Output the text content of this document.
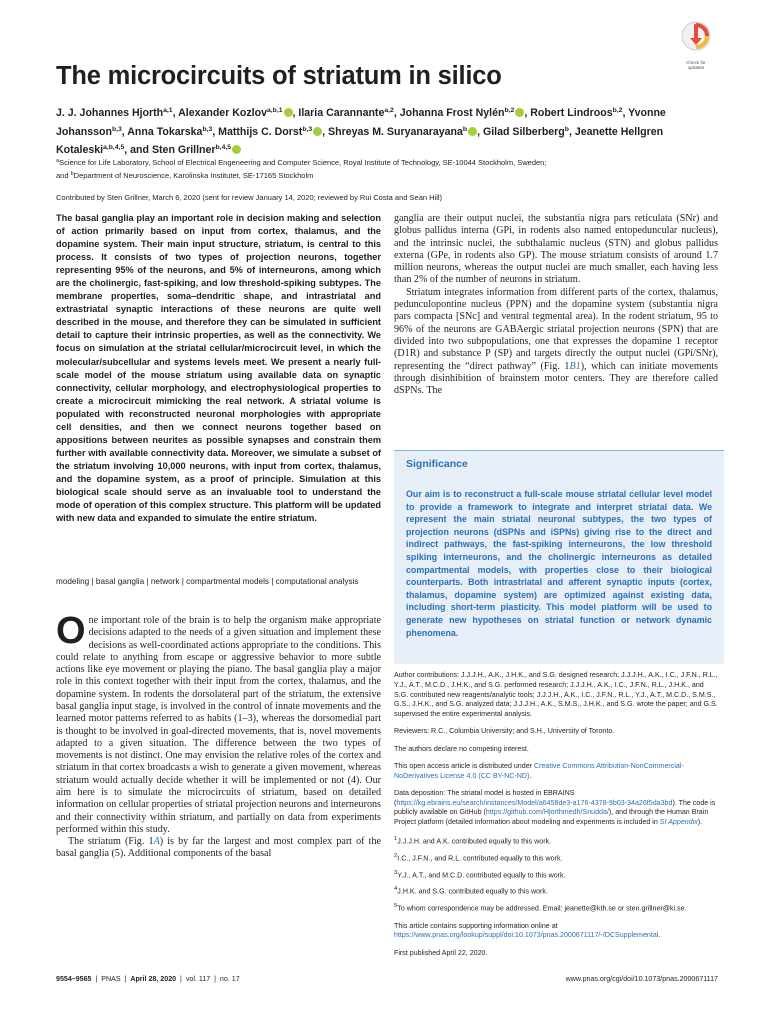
Check for
updates
The microcircuits of striatum in silico
J. J. Johannes Hjorth$^{a,1}$, Alexander Kozlov$^{a,b,1}$ , Ilaria Carannante$^{a,2}$, Johanna Frost Nylén$^{b,2}$ , Robert Lindroos$^{b,2}$, Yvonne Johansson$^{b,3}$, Anna Tokarska$^{b,3}$, Matthijs C. Dorst$^{b,3}$ , Shreyas M. Suryanarayana$^b$ , Gilad Silberberg$^b$, Jeanette Hellgren Kotaleski$^{a,b,4,5}$, and Sten Grillner$^{b,4,5}$
$^a$Science for Life Laboratory, School of Electrical Engeneering and Computer Science, Royal Institute of Technology, SE-10044 Stockholm, Sweden;
and $^b$Department of Neuroscience, Karolinska Institutet, SE-17165 Stockholm
Contributed by Sten Grillner, March 6, 2020 (sent for review January 14, 2020; reviewed by Rui Costa and Sean Hill)
The basal ganglia play an important role in decision making and selection of action primarily based on input from cortex, thalamus, and the dopamine system. Their main input structure, striatum, is central to this process. It consists of two types of projection neurons, together representing 95% of the neurons, and 5% of interneurons, among which are the cholinergic, fast-spiking, and low threshold-spiking subtypes. The membrane properties, soma–dendritic shape, and intrastriatal and extrastriatal synaptic interactions of these neurons are quite well described in the mouse, and therefore they can be simulated in sufficient detail to capture their intrinsic properties, as well as the connectivity. We focus on simulation at the striatal cellular/microcircuit level, in which the molecular/subcellular and systems levels meet. We present a nearly full-scale model of the mouse striatum using available data on synaptic connectivity, cellular morphology, and electrophysiological properties to create a microcircuit mimicking the real network. A striatal volume is populated with reconstructed neuronal morphologies with appropriate cell densities, and then we connect neurons together based on appositions between neurites as possible synapses and constrain them further with available connectivity data. Moreover, we simulate a subset of the striatum involving 10,000 neurons, with input from cortex, thalamus, and the dopamine system, as a proof of principle. Simulation at this biological scale should serve as an invaluable tool to understand the mode of operation of this complex structure. This platform will be updated with new data and expanded to simulate the entire striatum.
modeling | basal ganglia | network | compartmental models | computational analysis

One important role of the brain is to help the organism make appropriate decisions adapted to the needs of a given situation and implement these decisions as well-coordinated actions appropriate to the conditions. This could relate to anything from escape or aggressive behavior to more subtle actions like eye movement or playing the piano. The basal ganglia play a major role in this context together with their input from the cortex, thalamus, and the dopamine system. In rodents the dorsolateral part of the striatum, the extensive basal ganglia input stage, is involved in the control of innate movements and the learned motor patterns referred to as habits (1–3), whereas the dorsomedial part is thought to be involved in goal-directed movements, that is, novel movements adapted to a given situation. The difference between the two types of movements is not distinct. One may envision the relative roles of the cortex and striatum in that cortex broadcasts a wish to generate a given movement, whereas striatum would actually decide whether it will be implemented or not (4). Our aim here is to simulate the microcircuits of striatum, based on detailed information on cellular properties of striatal projection neurons and interneurons and their connectivity within striatum, and partially on data from experiments performed within this study.

The striatum (Fig. 1A) is by far the largest and most complex part of the basal ganglia (5). Additional components of the basal

ganglia are their output nuclei, the substantia nigra pars reticulata (SNr) and globus pallidus interna (GPi, in rodents also named entopeduncular nucleus), and the intrinsic nuclei, the subthalamic nucleus (STN) and globus pallidus externa (GPe, in rodents also GP). The mouse striatum consists of around 1.7 million neurons, whereas the output nuclei are much smaller, each having less than 2% of the number of neurons in striatum.

Striatum integrates information from different parts of the cortex, thalamus, pedunculopontine nucleus (PPN) and the dopamine system (substantia nigra pars compacta [SNc] and ventral tegmental area). In the rodent striatum, 95 to 96% of the neurons are GABAergic striatal projection neurons (SPN) that are divided into two subpopulations, one that expresses the dopamine 1 receptor (D1R) and substance P (SP) and targets directly the output nuclei (GPi/SNr), representing the “direct pathway” (Fig. 1B1), which can initiate movements through disinhibition of brainstem motor centers. They are therefore called dSPNs. The

Significance
Our aim is to reconstruct a full-scale mouse striatal cellular level model to provide a framework to integrate and interpret striatal data. We represent the main striatal neuronal subtypes, the two types of projection neurons (dSPNs and iSPNs) giving rise to the direct and indirect pathways, the fast-spiking interneurons, the low threshold spiking interneurons, and the cholinergic interneurons as detailed compartmental models, with properties close to their biological counterparts. Both intrastriatal and afferent synaptic inputs (cortex, thalamus, dopamine system) are optimized against existing data, including short-term plasticity. This model platform will be used to generate new hypotheses on striatal function or network dynamic phenomena.
Author contributions: J.J.J.H., A.K., J.H.K., and S.G. designed research; J.J.J.H., A.K., I.C., J.F.N., R.L., Y.J., A.T., M.C.D., J.H.K., and S.G. performed research; J.J.J.H., A.K., I.C., J.F.N., R.L., J.H.K., and S.G. contributed new reagents/analytic tools; J.J.J.H., A.K., I.C., J.F.N., R.L., Y.J., A.T., M.C.D., S.M.S., G.S., J.H.K., and S.G. analyzed data; J.J.J.H., A.K., S.M.S., J.H.K., and S.G. wrote the paper; and G.S. supervised the entire experimental analysis.
Reviewers: R.C., Columbia University; and S.H., University of Toronto.
The authors declare no competing interest.
This open access article is distributed under Creative Commons Attribution-NonCommercial-NoDerivatives License 4.0 (CC BY-NC-ND).
Data deposition: The striatal model is hosted in EBRAINS (https://kg.ebrains.eu/search/instances/Model/a6458de3-a176-4378-9b03-34a26f5da3bd). The code is publicly available on GitHub (https://github.com/Hjorthmedh/Snudda/), and through the Human Brain Project platform (detailed information about modeling and experiments is included in SI Appendix).
$^1$J.J.J.H. and A.K. contributed equally to this work.
$^2$I.C., J.F.N., and R.L. contributed equally to this work.
$^3$Y.J., A.T., and M.C.D. contributed equally to this work.
$^4$J.H.K. and S.G. contributed equally to this work.
$^5$To whom correspondence may be addressed. Email: jeanette@kth.se or sten.grillner@ki.se.
This article contains supporting information online at https://www.pnas.org/lookup/suppl/doi:10.1073/pnas.2000671117/-/DCSupplemental.
First published April 22, 2020.
9554–9565 | PNAS | April 28, 2020 | vol. 117 | no. 17	www.pnas.org/cgi/doi/10.1073/pnas.2000671117
